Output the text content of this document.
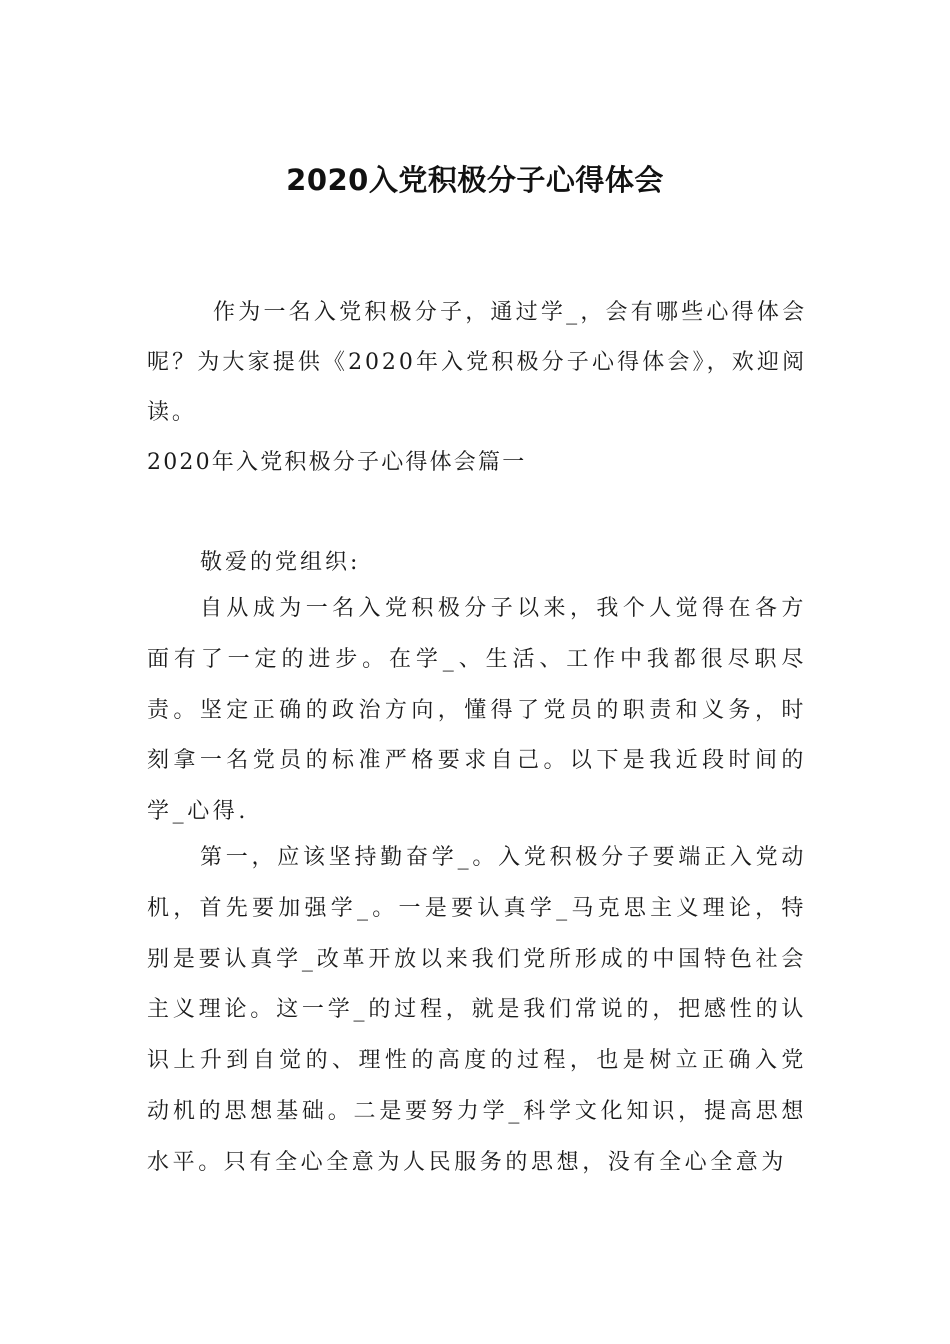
2020入党积极分子心得体会
作为一名入党积极分子，通过学_，会有哪些心得体会呢？为大家提供《2020年入党积极分子心得体会》，欢迎阅读。
2020年入党积极分子心得体会篇一
敬爱的党组织:
自从成为一名入党积极分子以来，我个人觉得在各方面有了一定的进步。在学_、生活、工作中我都很尽职尽责。坚定正确的政治方向，懂得了党员的职责和义务，时刻拿一名党员的标准严格要求自己。以下是我近段时间的学_心得.
第一，应该坚持勤奋学_。入党积极分子要端正入党动机，首先要加强学_。一是要认真学_马克思主义理论，特别是要认真学_改革开放以来我们党所形成的中国特色社会主义理论。这一学_的过程，就是我们常说的，把感性的认识上升到自觉的、理性的高度的过程，也是树立正确入党动机的思想基础。二是要努力学_科学文化知识，提高思想水平。只有全心全意为人民服务的思想，没有全心全意为
